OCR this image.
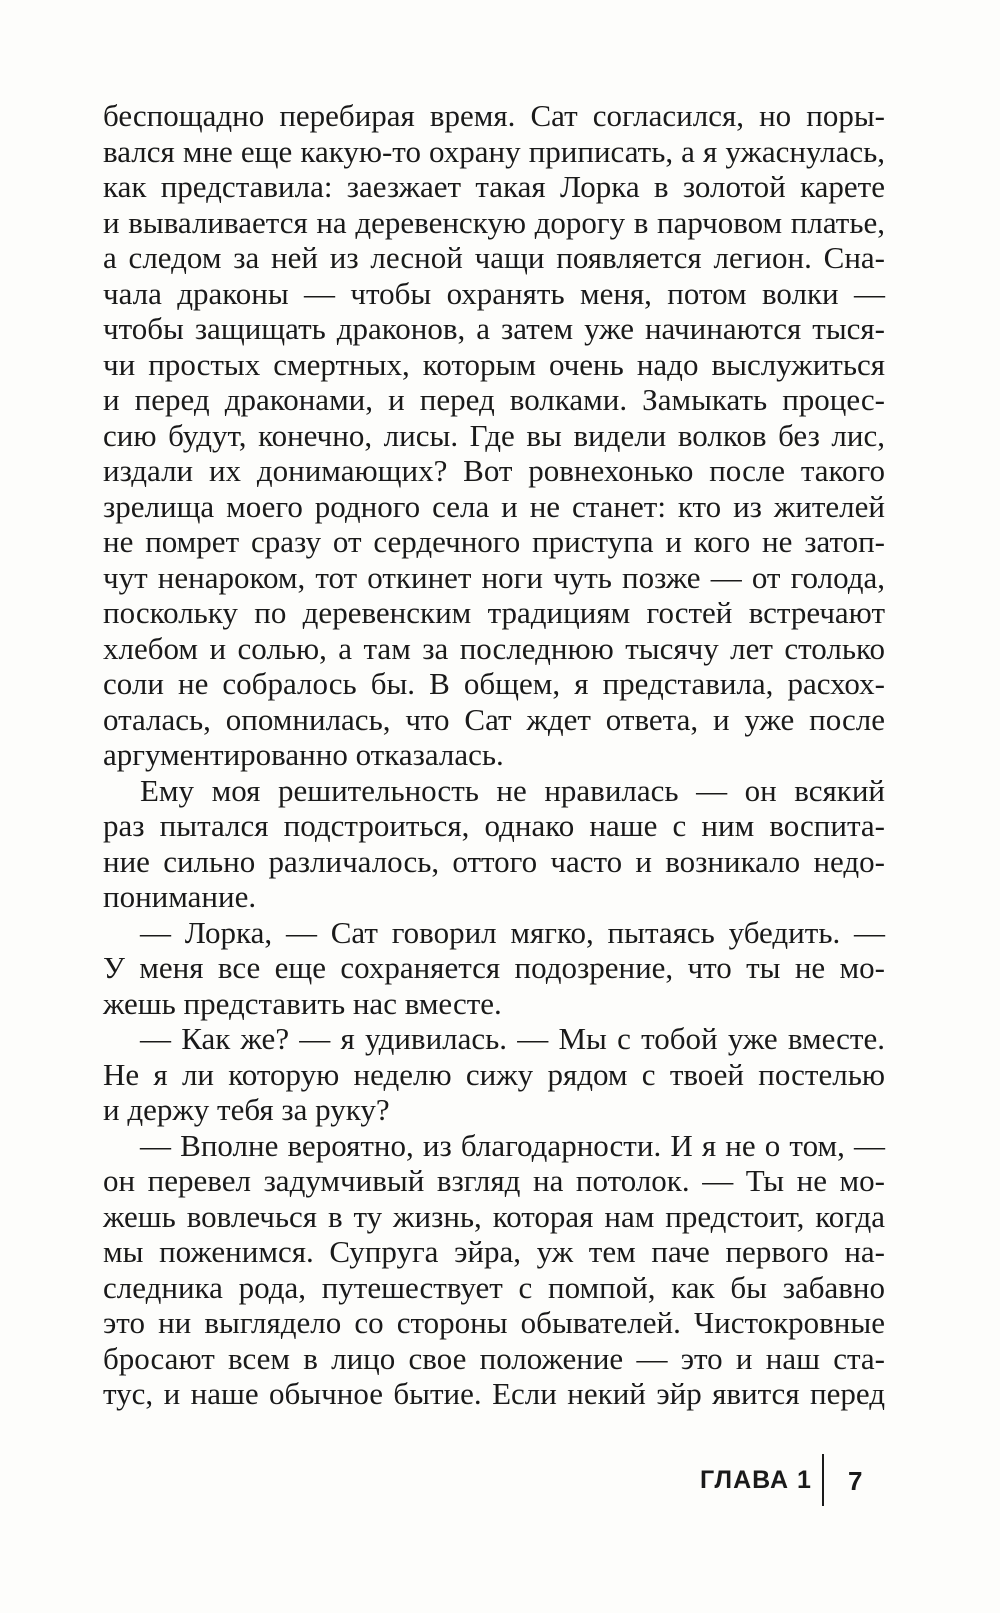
беспощадно перебирая время. Сат согласился, но поры-
вался мне еще какую-то охрану приписать, а я ужаснулась,
как представила: заезжает такая Лорка в золотой карете
и вываливается на деревенскую дорогу в парчовом платье,
а следом за ней из лесной чащи появляется легион. Сна-
чала драконы — чтобы охранять меня, потом волки —
чтобы защищать драконов, а затем уже начинаются тыся-
чи простых смертных, которым очень надо выслужиться
и перед драконами, и перед волками. Замыкать процес-
сию будут, конечно, лисы. Где вы видели волков без лис,
издали их донимающих? Вот ровнехонько после такого
зрелища моего родного села и не станет: кто из жителей
не помрет сразу от сердечного приступа и кого не затоп-
чут ненароком, тот откинет ноги чуть позже — от голода,
поскольку по деревенским традициям гостей встречают
хлебом и солью, а там за последнюю тысячу лет столько
соли не собралось бы. В общем, я представила, расхох-
оталась, опомнилась, что Сат ждет ответа, и уже после
аргументированно отказалась.
Ему моя решительность не нравилась — он всякий
раз пытался подстроиться, однако наше с ним воспита-
ние сильно различалось, оттого часто и возникало недо-
понимание.
— Лорка, — Сат говорил мягко, пытаясь убедить. —
У меня все еще сохраняется подозрение, что ты не мо-
жешь представить нас вместе.
— Как же? — я удивилась. — Мы с тобой уже вместе.
Не я ли которую неделю сижу рядом с твоей постелью
и держу тебя за руку?
— Вполне вероятно, из благодарности. И я не о том, —
он перевел задумчивый взгляд на потолок. — Ты не мо-
жешь вовлечься в ту жизнь, которая нам предстоит, когда
мы поженимся. Супруга эйра, уж тем паче первого на-
следника рода, путешествует с помпой, как бы забавно
это ни выглядело со стороны обывателей. Чистокровные
бросают всем в лицо свое положение — это и наш ста-
тус, и наше обычное бытие. Если некий эйр явится перед
ГЛАВА 1 7
